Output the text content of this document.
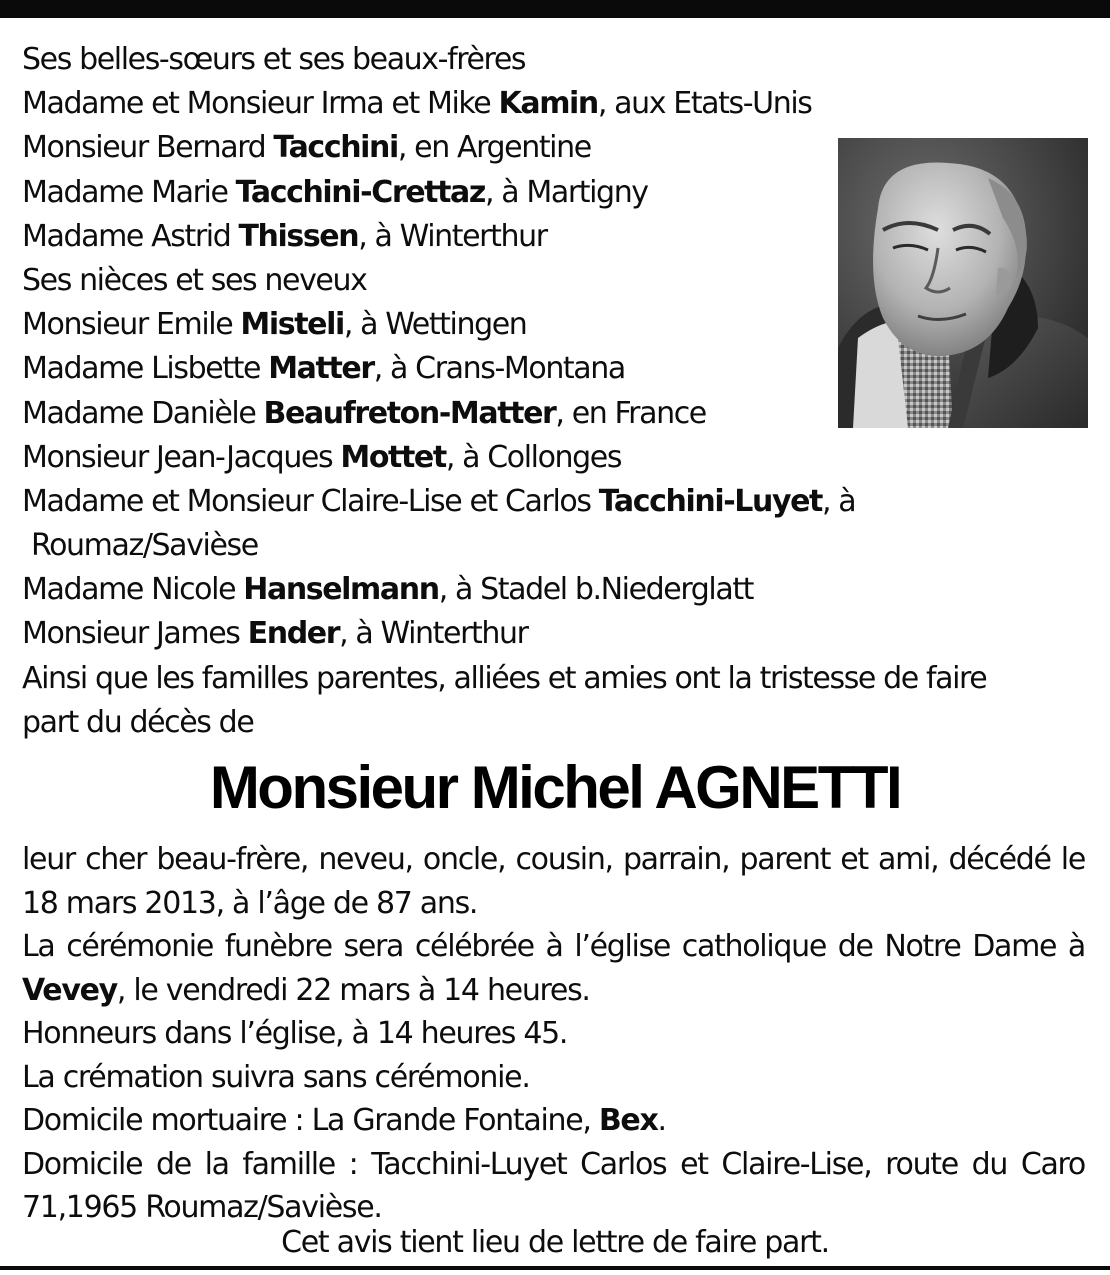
Ses belles-sœurs et ses beaux-frères
Madame et Monsieur Irma et Mike Kamin, aux Etats-Unis
Monsieur Bernard Tacchini, en Argentine
Madame Marie Tacchini-Crettaz, à Martigny
Madame Astrid Thissen, à Winterthur
Ses nièces et ses neveux
Monsieur Emile Misteli, à Wettingen
Madame Lisbette Matter, à Crans-Montana
Madame Danièle Beaufreton-Matter, en France
Monsieur Jean-Jacques Mottet, à Collonges
Madame et Monsieur Claire-Lise et Carlos Tacchini-Luyet, à
Roumaz/Savièse
Madame Nicole Hanselmann, à Stadel b.Niederglatt
Monsieur James Ender, à Winterthur
Ainsi que les familles parentes, alliées et amies ont la tristesse de faire
part du décès de
Monsieur Michel AGNETTI

leur cher beau-frère, neveu, oncle, cousin, parrain, parent et ami, décédé le 18 mars 2013, à l’âge de 87 ans.

La cérémonie funèbre sera célébrée à l’église catholique de Notre Dame à Vevey, le vendredi 22 mars à 14 heures.

Honneurs dans l’église, à 14 heures 45.

La crémation suivra sans cérémonie.

Domicile mortuaire : La Grande Fontaine, Bex.

Domicile de la famille : Tacchini-Luyet Carlos et Claire-Lise, route du Caro 71,1965 Roumaz/Savièse.

Cet avis tient lieu de lettre de faire part.
